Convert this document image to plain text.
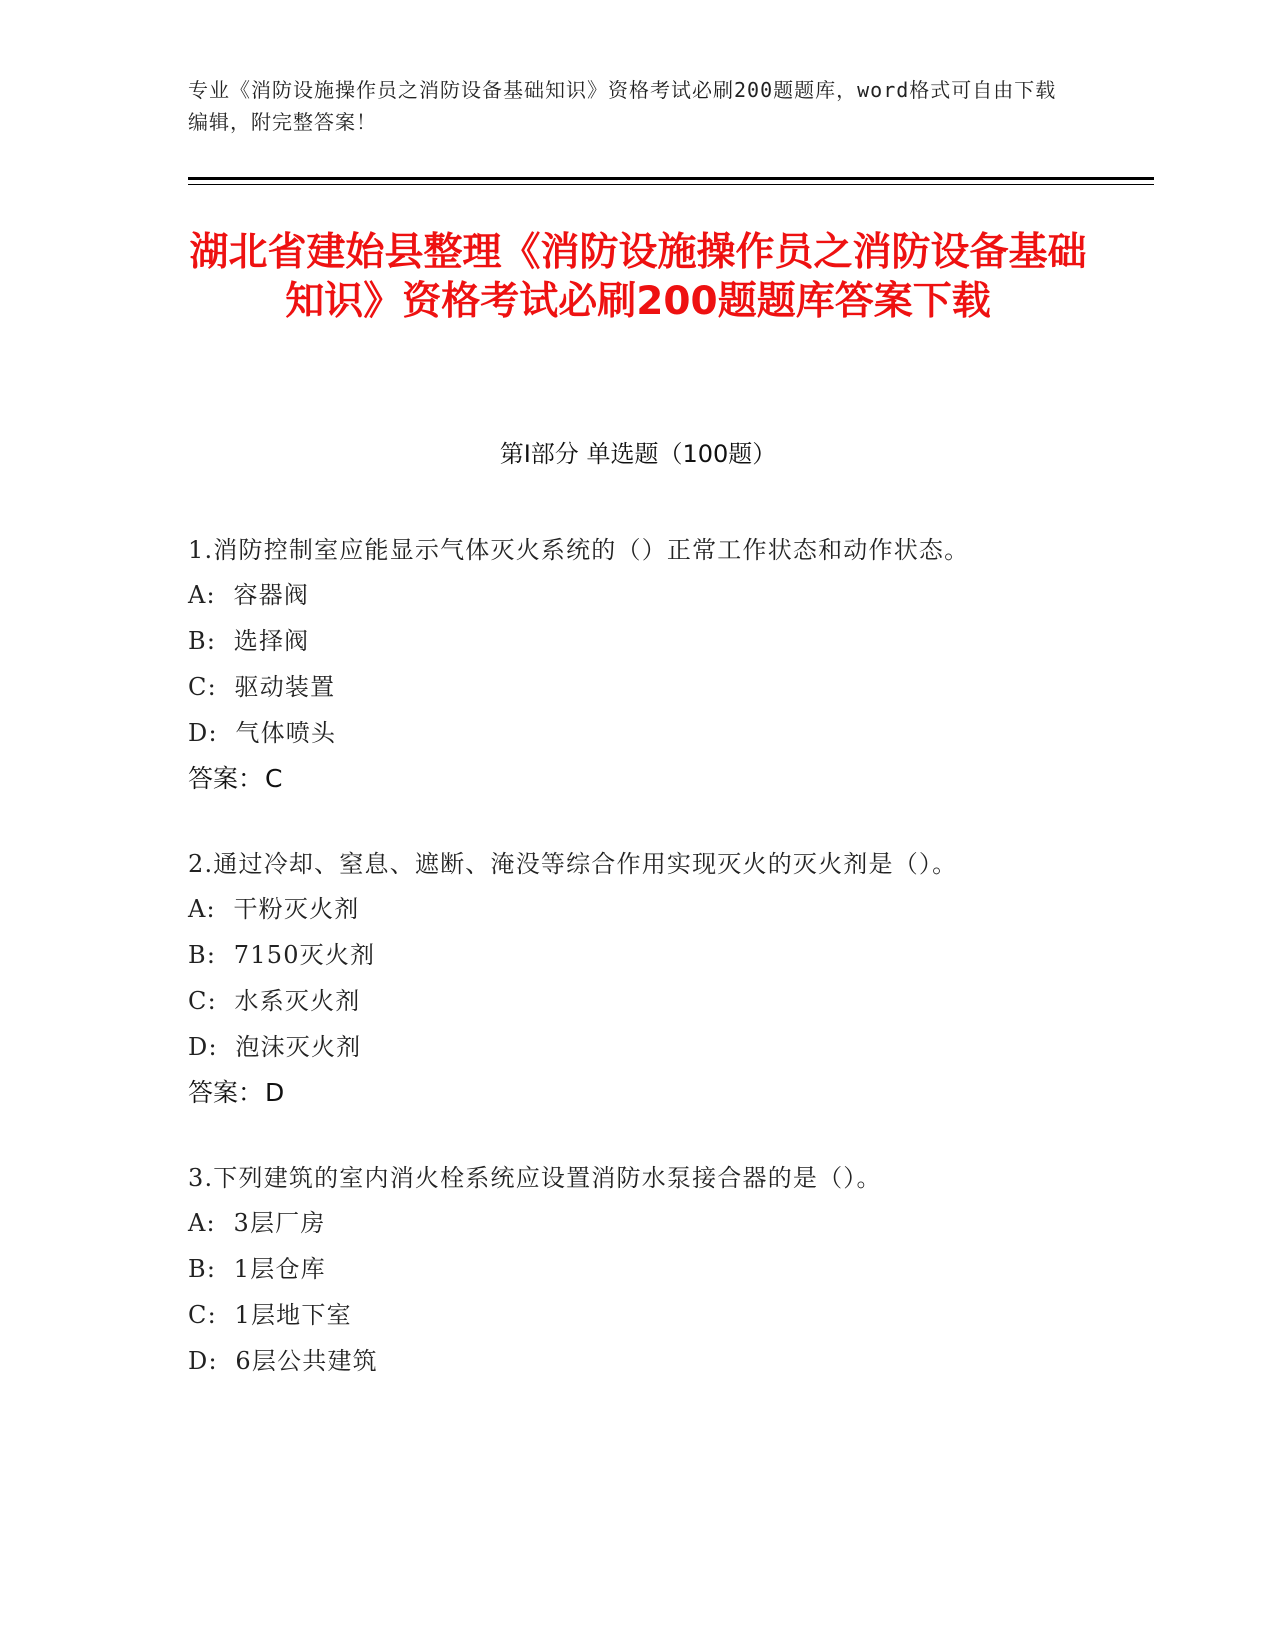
专业《消防设施操作员之消防设备基础知识》资格考试必刷200题题库，word格式可自由下载编辑，附完整答案！
湖北省建始县整理《消防设施操作员之消防设备基础知识》资格考试必刷200题题库答案下载
第Ⅰ部分 单选题（100题）
1.消防控制室应能显示气体灭火系统的（）正常工作状态和动作状态。
A:  容器阀
B:  选择阀
C:  驱动装置
D:  气体喷头
答案：C
2.通过冷却、窒息、遮断、淹没等综合作用实现灭火的灭火剂是（）。
A:  干粉灭火剂
B:  7150灭火剂
C:  水系灭火剂
D:  泡沫灭火剂
答案：D
3.下列建筑的室内消火栓系统应设置消防水泵接合器的是（）。
A:  3层厂房
B:  1层仓库
C:  1层地下室
D:  6层公共建筑
